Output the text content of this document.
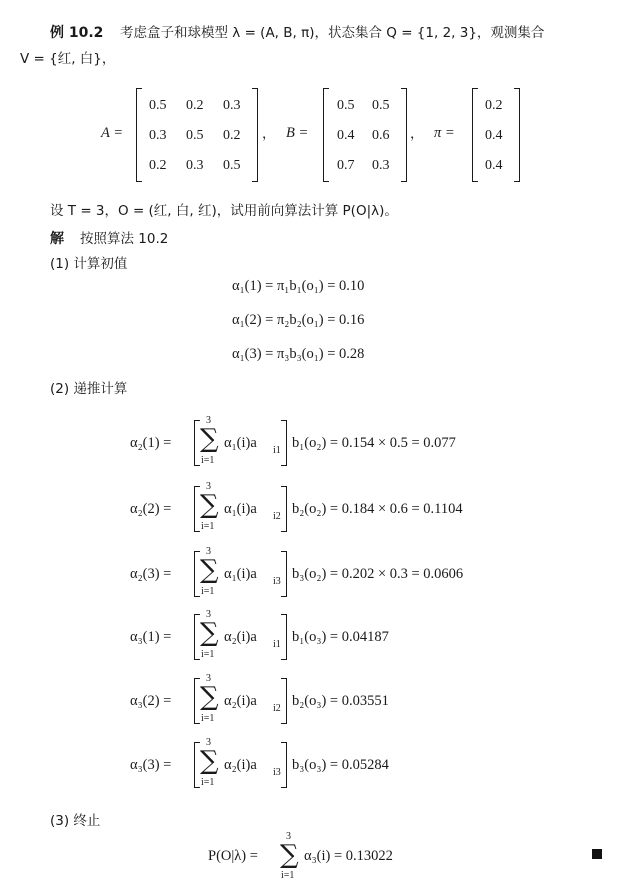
例 10.2 考虑盒子和球模型 λ = (A, B, π)，状态集合 Q = {1, 2, 3}，观测集合
V = {红, 白}，
A =
0.5 0.2 0.3
0.3 0.5 0.2
0.2 0.3 0.5
， B =
0.5 0.5
0.4 0.6
0.7 0.3
， π =
0.2
0.4
0.4
设 T = 3，O = (红, 白, 红)，试用前向算法计算 P(O|λ)。
解 按照算法 10.2
(1) 计算初值
α₁(1) = π₁b₁(o₁) = 0.10
α₁(2) = π₂b₂(o₁) = 0.16
α₁(3) = π₃b₃(o₁) = 0.28
(2) 递推计算
α₂(1) =
3
∑
i=1
α₁(i)a i1 b₁(o₂) = 0.154 × 0.5 = 0.077
α₂(2) =
3
∑
i=1
α₁(i)a i2 b₂(o₂) = 0.184 × 0.6 = 0.1104
α₂(3) =
3
∑
i=1
α₁(i)a i3 b₃(o₂) = 0.202 × 0.3 = 0.0606
α₃(1) =
3
∑
i=1
α₂(i)a i1 b₁(o₃) = 0.04187
α₃(2) =
3
∑
i=1
α₂(i)a i2 b₂(o₃) = 0.03551
α₃(3) =
3
∑
i=1
α₂(i)a i3 b₃(o₃) = 0.05284
(3) 终止
P(O|λ) =
3
∑
i=1
α₃(i) = 0.13022
